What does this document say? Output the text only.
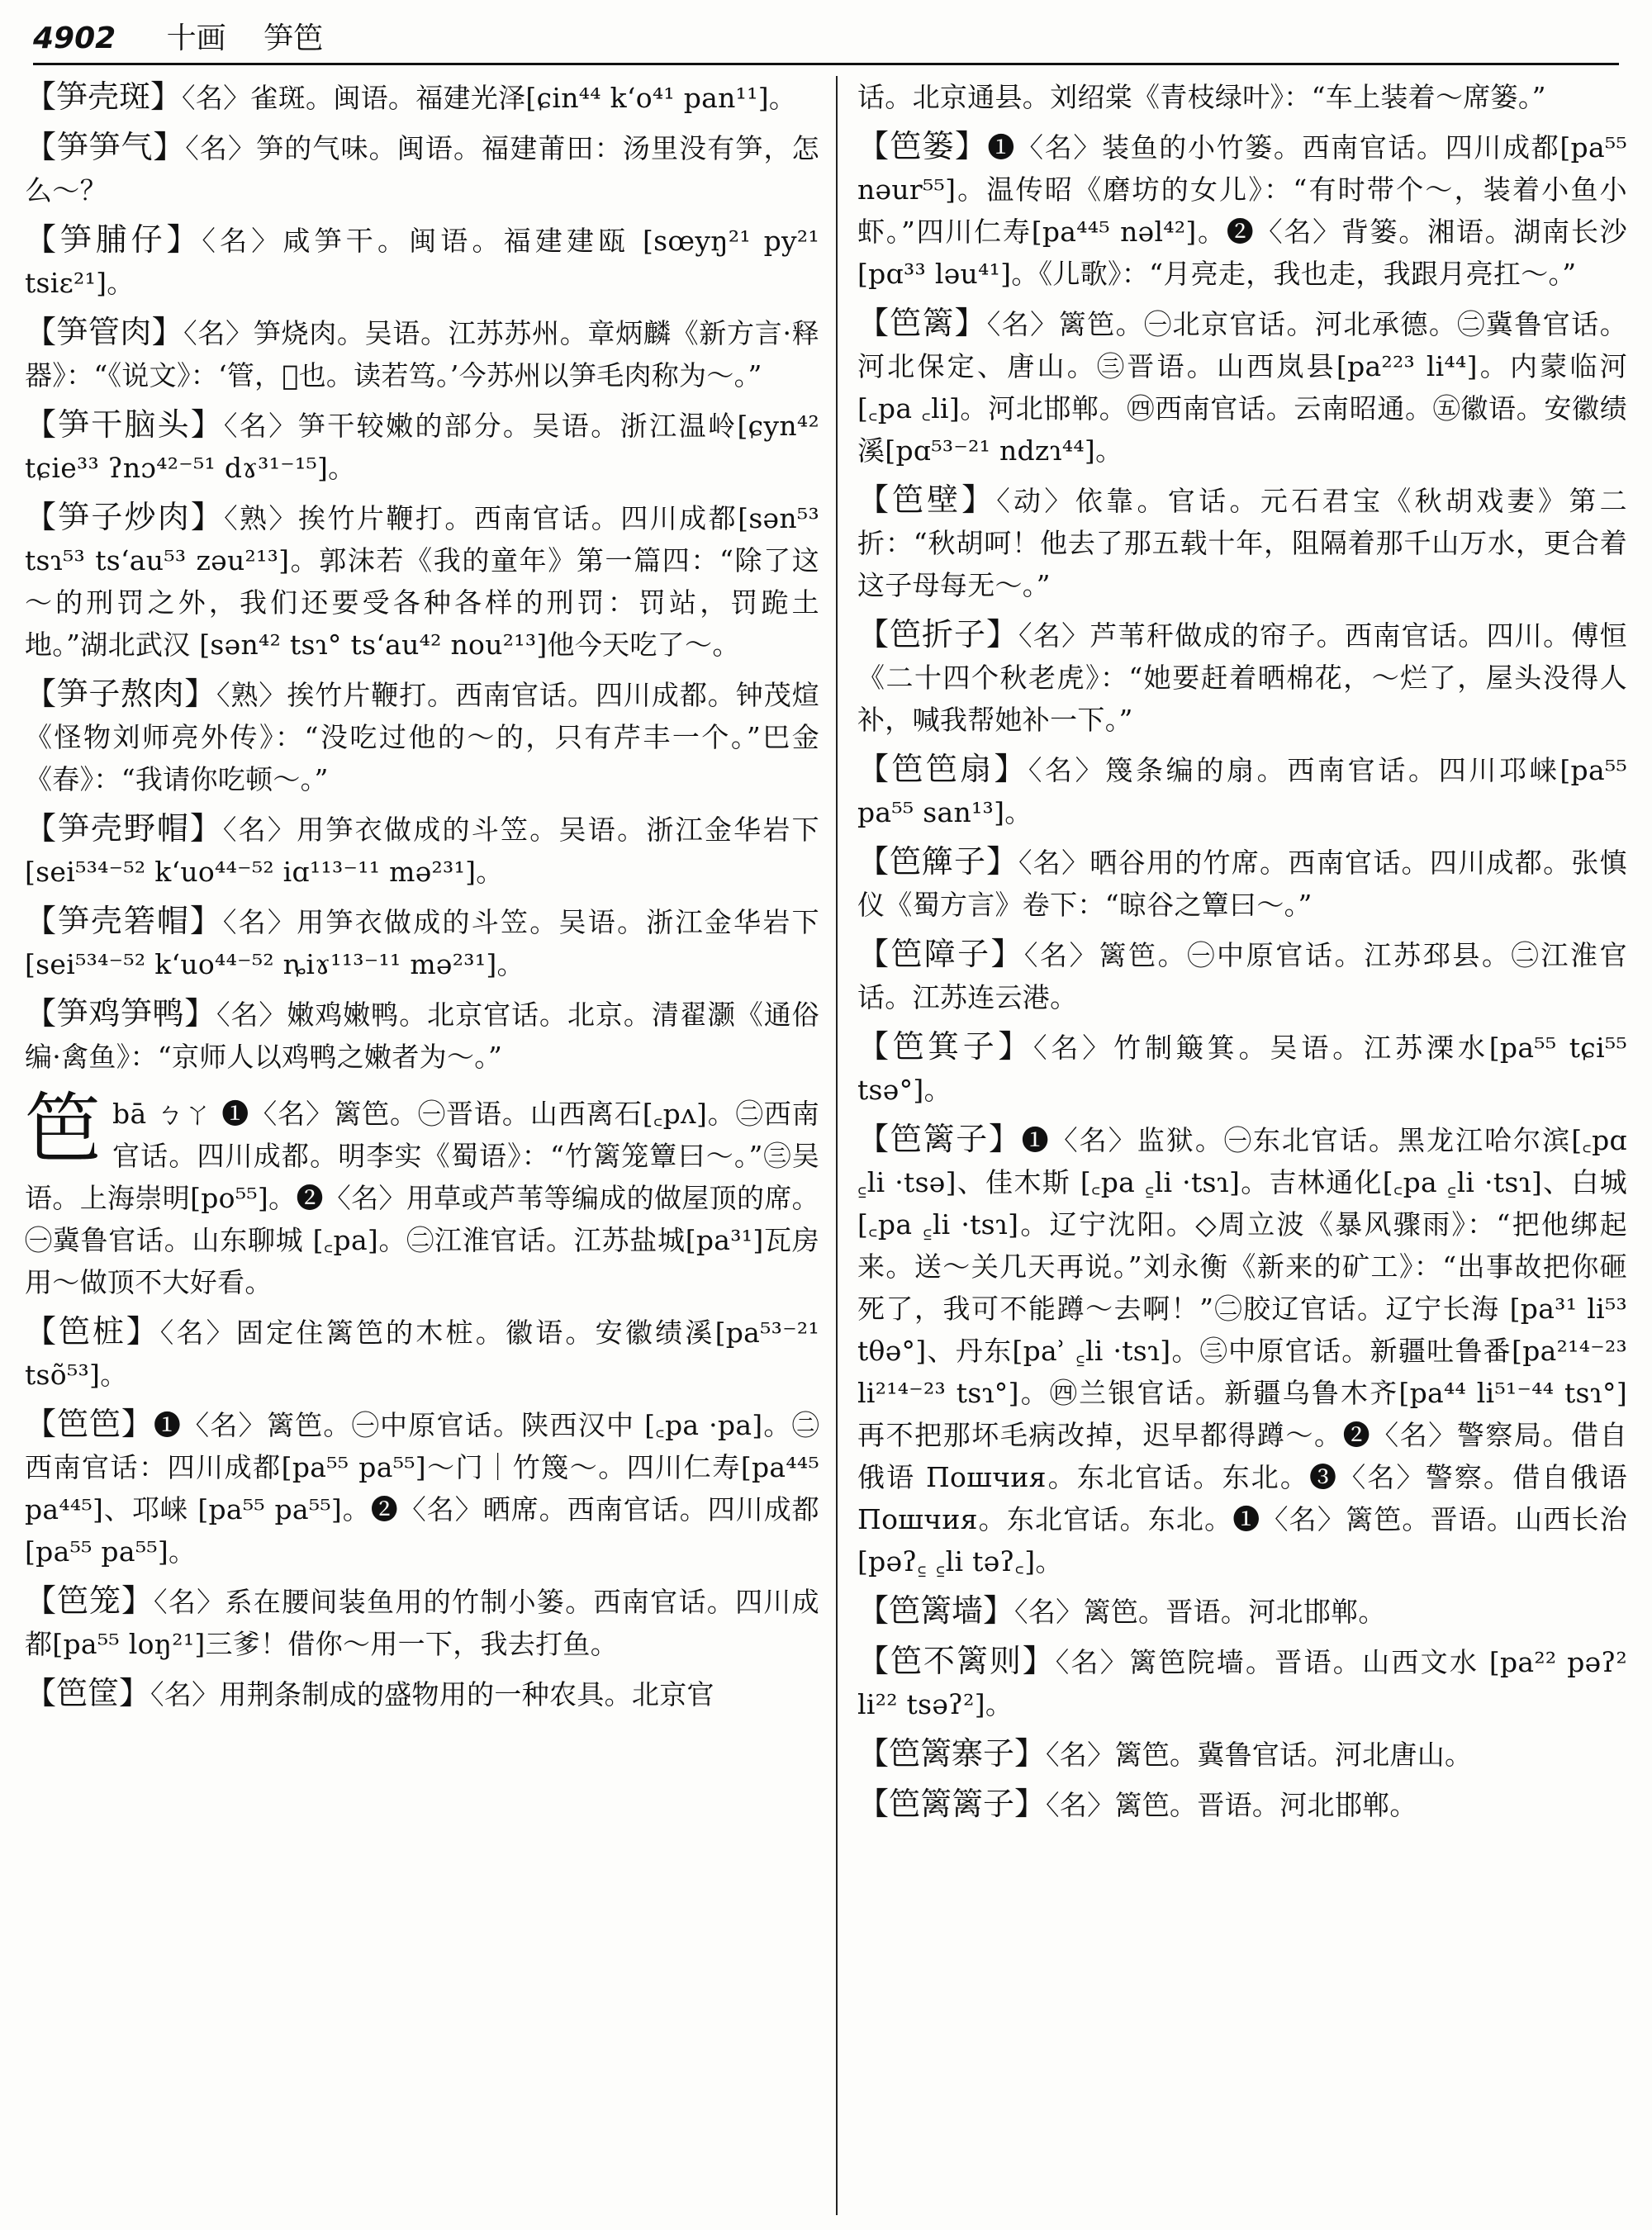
4902 十画 笋笆

【笋壳斑】〈名〉雀斑。闽语。福建光泽[ɕin⁴⁴ k‘o⁴¹ pan¹¹]。

【笋笋气】〈名〉笋的气味。闽语。福建莆田：汤里没有笋，怎么～？

【笋脯仔】〈名〉咸笋干。闽语。福建建瓯 [sœyŋ²¹ py²¹ tsiɛ²¹]。

【笋管肉】〈名〉笋烧肉。吴语。江苏苏州。章炳麟《新方言·释器》：“《说文》：‘管，𦞓也。读若笃。’今苏州以笋毛肉称为～。”

【笋干脑头】〈名〉笋干较嫩的部分。吴语。浙江温岭[ɕyn⁴² tɕie³³ ʔnɔ⁴²⁻⁵¹ dɤ³¹⁻¹⁵]。

【笋子炒肉】〈熟〉挨竹片鞭打。西南官话。四川成都[sən⁵³ tsɿ⁵³ ts‘au⁵³ zəu²¹³]。郭沫若《我的童年》第一篇四：“除了这～的刑罚之外，我们还要受各种各样的刑罚：罚站，罚跪土地。”湖北武汉 [sən⁴² tsɿ° ts‘au⁴² nou²¹³]他今天吃了～。

【笋子熬肉】〈熟〉挨竹片鞭打。西南官话。四川成都。钟茂煊《怪物刘师亮外传》：“没吃过他的～的，只有芹丰一个。”巴金《春》：“我请你吃顿～。”

【笋壳野帽】〈名〉用笋衣做成的斗笠。吴语。浙江金华岩下[sei⁵³⁴⁻⁵² k‘uo⁴⁴⁻⁵² iɑ¹¹³⁻¹¹ mə²³¹]。

【笋壳箬帽】〈名〉用笋衣做成的斗笠。吴语。浙江金华岩下[sei⁵³⁴⁻⁵² k‘uo⁴⁴⁻⁵² ȵiɤ¹¹³⁻¹¹ mə²³¹]。

【笋鸡笋鸭】〈名〉嫩鸡嫩鸭。北京官话。北京。清翟灏《通俗编·禽鱼》：“京师人以鸡鸭之嫩者为～。”

笆bā ㄅㄚ ❶〈名〉篱笆。㊀晋语。山西离石[꜀pʌ]。㊁西南官话。四川成都。明李实《蜀语》：“竹篱笼簟曰～。”㊂吴语。上海崇明[po⁵⁵]。❷〈名〉用草或芦苇等编成的做屋顶的席。㊀冀鲁官话。山东聊城 [꜀pa]。㊁江淮官话。江苏盐城[pa³¹]瓦房用～做顶不大好看。

【笆桩】〈名〉固定住篱笆的木桩。徽语。安徽绩溪[pa⁵³⁻²¹ tsõ⁵³]。

【笆笆】❶〈名〉篱笆。㊀中原官话。陕西汉中 [꜀pa ·pa]。㊁西南官话：四川成都[pa⁵⁵ pa⁵⁵]～门｜竹篾～。四川仁寿[pa⁴⁴⁵ pa⁴⁴⁵]、邛崃 [pa⁵⁵ pa⁵⁵]。❷〈名〉晒席。西南官话。四川成都[pa⁵⁵ pa⁵⁵]。

【笆笼】〈名〉系在腰间装鱼用的竹制小篓。西南官话。四川成都[pa⁵⁵ loŋ²¹]三爹！借你～用一下，我去打鱼。

【笆筐】〈名〉用荆条制成的盛物用的一种农具。北京官

话。北京通县。刘绍棠《青枝绿叶》：“车上装着～席篓。”

【笆篓】❶〈名〉装鱼的小竹篓。西南官话。四川成都[pa⁵⁵ nəur⁵⁵]。温传昭《磨坊的女儿》：“有时带个～，装着小鱼小虾。”四川仁寿[pa⁴⁴⁵ nəl⁴²]。❷〈名〉背篓。湘语。湖南长沙[pɑ³³ ləu⁴¹]。《儿歌》：“月亮走，我也走，我跟月亮扛～。”

【笆篱】〈名〉篱笆。㊀北京官话。河北承德。㊁冀鲁官话。河北保定、唐山。㊂晋语。山西岚县[pa²²³ li⁴⁴]。内蒙临河[꜀pa ꜀li]。河北邯郸。㊃西南官话。云南昭通。㊄徽语。安徽绩溪[pɑ⁵³⁻²¹ ndzɿ⁴⁴]。

【笆壁】〈动〉依靠。官话。元石君宝《秋胡戏妻》第二折：“秋胡呵！他去了那五载十年，阻隔着那千山万水，更合着这子母每无～。”

【笆折子】〈名〉芦苇秆做成的帘子。西南官话。四川。傅恒《二十四个秋老虎》：“她要赶着晒棉花，～烂了，屋头没得人补，喊我帮她补一下。”

【笆笆扇】〈名〉篾条编的扇。西南官话。四川邛崃[pa⁵⁵ pa⁵⁵ san¹³]。

【笆簰子】〈名〉晒谷用的竹席。西南官话。四川成都。张慎仪《蜀方言》卷下：“晾谷之簟曰～。”

【笆障子】〈名〉篱笆。㊀中原官话。江苏邳县。㊁江淮官话。江苏连云港。

【笆箕子】〈名〉竹制簸箕。吴语。江苏溧水[pa⁵⁵ tɕi⁵⁵ tsə°]。

【笆篱子】❶〈名〉监狱。㊀东北官话。黑龙江哈尔滨[꜀pɑ ꜁li ·tsə]、佳木斯 [꜀pa ꜁li ·tsɿ]。吉林通化[꜀pa ꜁li ·tsɿ]、白城[꜀pa ꜁li ·tsɿ]。辽宁沈阳。◇周立波《暴风骤雨》：“把他绑起来。送～关几天再说。”刘永衡《新来的矿工》：“出事故把你砸死了，我可不能蹲～去啊！”㊁胶辽官话。辽宁长海 [pa³¹ li⁵³ tθə°]、丹东[paʾ ꜁li ·tsɿ]。㊂中原官话。新疆吐鲁番[pa²¹⁴⁻²³ li²¹⁴⁻²³ tsɿ°]。㊃兰银官话。新疆乌鲁木齐[pa⁴⁴ li⁵¹⁻⁴⁴ tsɿ°]再不把那坏毛病改掉，迟早都得蹲～。❷〈名〉警察局。借自俄语 Пошчия。东北官话。东北。❸〈名〉警察。借自俄语 Пошчия。东北官话。东北。❶〈名〉篱笆。晋语。山西长治[pəʔ꜁ ꜁li təʔ꜀]。

【笆篱墙】〈名〉篱笆。晋语。河北邯郸。

【笆不篱则】〈名〉篱笆院墙。晋语。山西文水 [pa²² pəʔ² li²² tsəʔ²]。

【笆篱寨子】〈名〉篱笆。冀鲁官话。河北唐山。

【笆篱篱子】〈名〉篱笆。晋语。河北邯郸。
